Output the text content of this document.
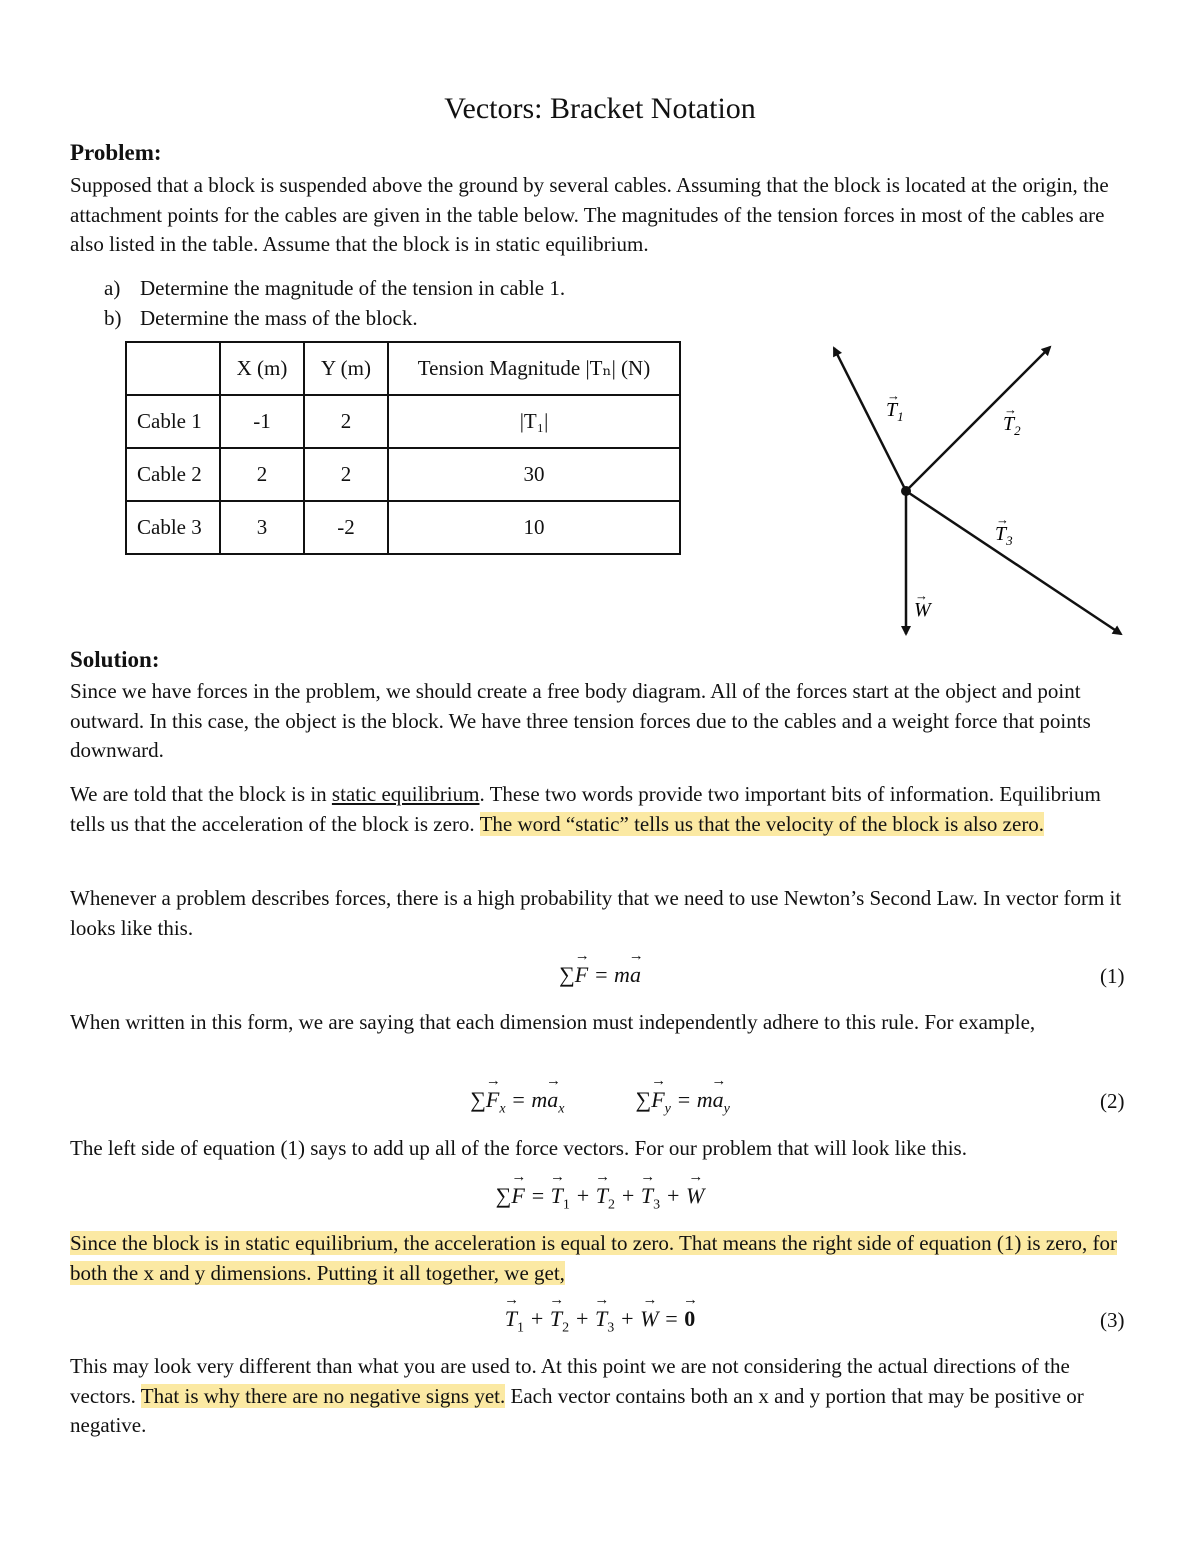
Vectors: Bracket Notation
Problem:
Supposed that a block is suspended above the ground by several cables. Assuming that the block is located at the origin, the attachment points for the cables are given in the table below. The magnitudes of the tension forces in most of the cables are also listed in the table. Assume that the block is in static equilibrium.
a) Determine the magnitude of the tension in cable 1.
b) Determine the mass of the block.
	X (m)	Y (m)	Tension Magnitude |Tₙ| (N)
Cable 1	-1	2	|T₁|
Cable 2	2	2	30
Cable 3	3	-2	10
$T_1$
→
$T_2$
→
$T_3$
→
W
→
Solution:
Since we have forces in the problem, we should create a free body diagram. All of the forces start at the object and point outward. In this case, the object is the block. We have three tension forces due to the cables and a weight force that points downward.
We are told that the block is in static equilibrium. These two words provide two important bits of information. Equilibrium tells us that the acceleration of the block is zero. The word “static” tells us that the velocity of the block is also zero.
Whenever a problem describes forces, there is a high probability that we need to use Newton’s Second Law. In vector form it looks like this.
∑→ F = m→ a	(1)
When written in this form, we are saying that each dimension must independently adhere to this rule. For example,
∑→ $F_x = m\to a_x$	∑→ $F_y = m\to a_y$	(2)
The left side of equation (1) says to add up all of the force vectors. For our problem that will look like this.
∑→ F = → $T_1$ + → $T_2$ + → $T_3$ + → W
Since the block is in static equilibrium, the acceleration is equal to zero. That means the right side of equation (1) is zero, for both the x and y dimensions. Putting it all together, we get,
→ $T_1$ + → $T_2$ + → $T_3$ + → W = → 0	(3)
This may look very different than what you are used to. At this point we are not considering the actual directions of the vectors. That is why there are no negative signs yet. Each vector contains both an x and y portion that may be positive or negative.
